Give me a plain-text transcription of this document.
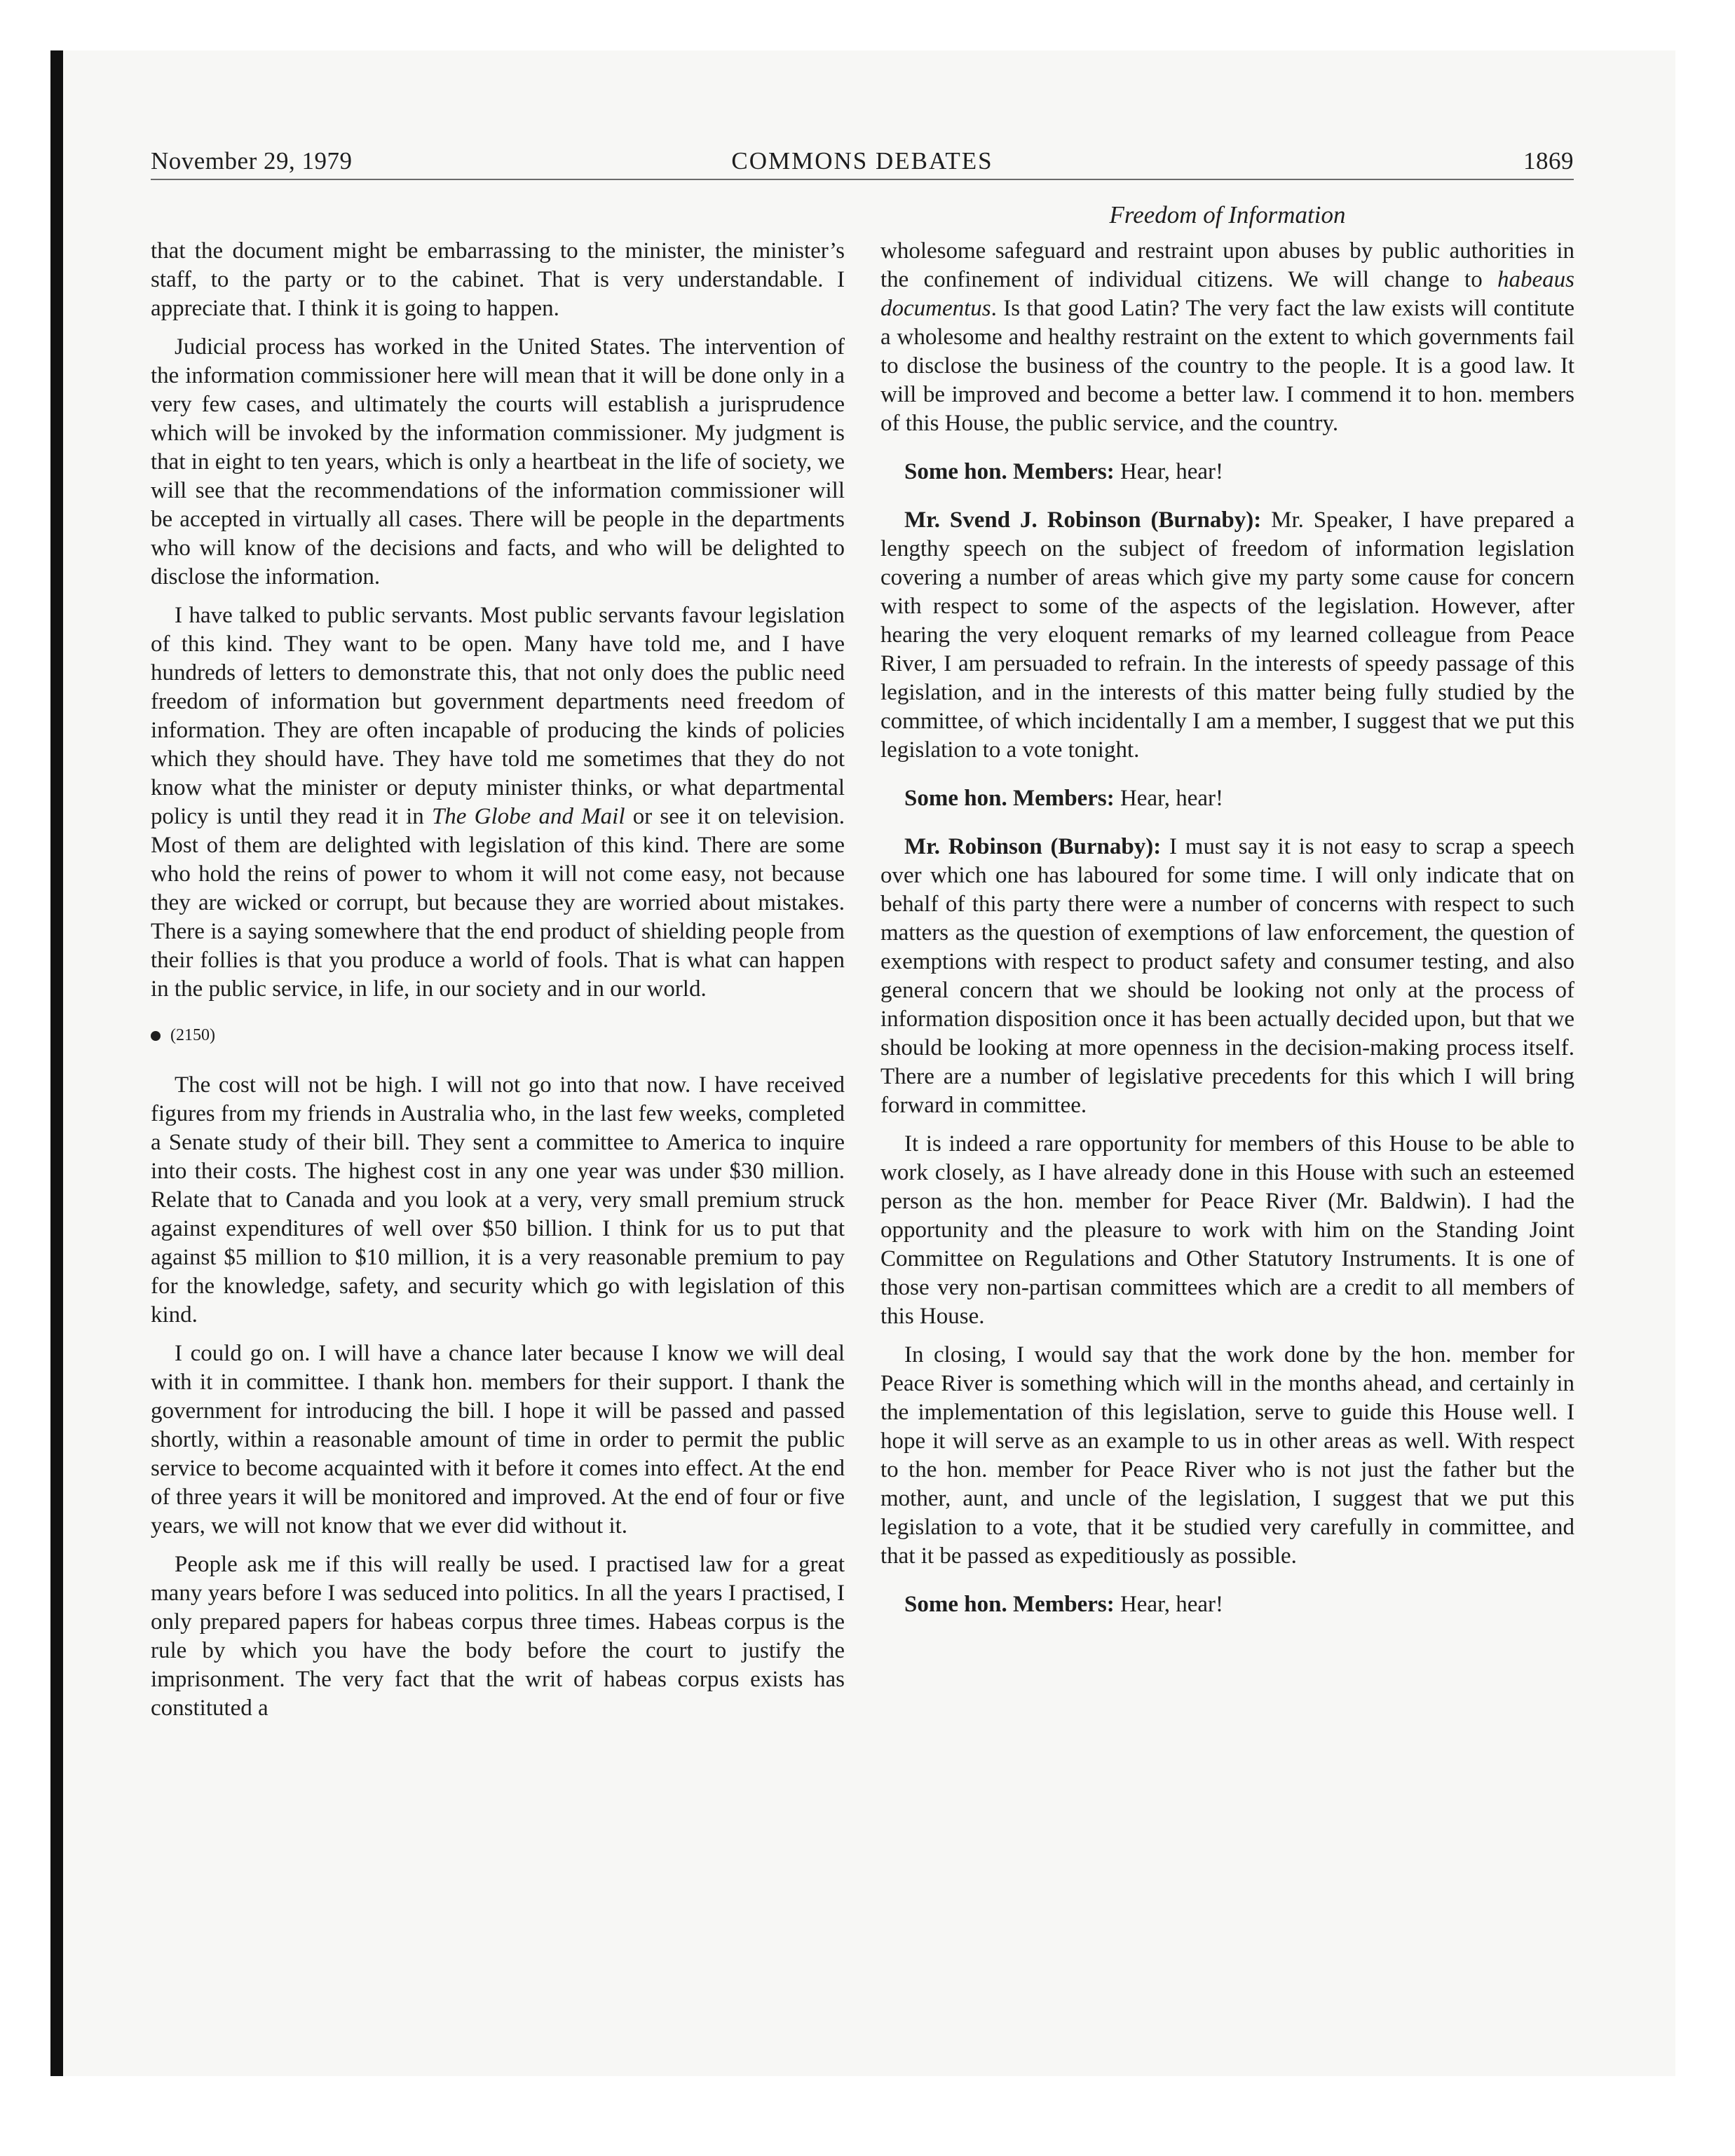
November 29, 1979	COMMONS DEBATES	1869
Freedom of Information

that the document might be embarrassing to the minister, the minister’s staff, to the party or to the cabinet. That is very understandable. I appreciate that. I think it is going to happen.

Judicial process has worked in the United States. The intervention of the information commissioner here will mean that it will be done only in a very few cases, and ultimately the courts will establish a jurisprudence which will be invoked by the information commissioner. My judgment is that in eight to ten years, which is only a heartbeat in the life of society, we will see that the recommendations of the information commissioner will be accepted in virtually all cases. There will be people in the departments who will know of the decisions and facts, and who will be delighted to disclose the information.

I have talked to public servants. Most public servants favour legislation of this kind. They want to be open. Many have told me, and I have hundreds of letters to demonstrate this, that not only does the public need freedom of information but government departments need freedom of information. They are often incapable of producing the kinds of policies which they should have. They have told me sometimes that they do not know what the minister or deputy minister thinks, or what departmental policy is until they read it in The Globe and Mail or see it on television. Most of them are delighted with legislation of this kind. There are some who hold the reins of power to whom it will not come easy, not because they are wicked or corrupt, but because they are worried about mistakes. There is a saying somewhere that the end product of shielding people from their follies is that you produce a world of fools. That is what can happen in the public service, in life, in our society and in our world.

(2150)

The cost will not be high. I will not go into that now. I have received figures from my friends in Australia who, in the last few weeks, completed a Senate study of their bill. They sent a committee to America to inquire into their costs. The highest cost in any one year was under $30 million. Relate that to Canada and you look at a very, very small premium struck against expenditures of well over $50 billion. I think for us to put that against $5 million to $10 million, it is a very reasonable premium to pay for the knowledge, safety, and security which go with legislation of this kind.

I could go on. I will have a chance later because I know we will deal with it in committee. I thank hon. members for their support. I thank the government for introducing the bill. I hope it will be passed and passed shortly, within a reasonable amount of time in order to permit the public service to become acquainted with it before it comes into effect. At the end of three years it will be monitored and improved. At the end of four or five years, we will not know that we ever did without it.

People ask me if this will really be used. I practised law for a great many years before I was seduced into politics. In all the years I practised, I only prepared papers for habeas corpus three times. Habeas corpus is the rule by which you have the body before the court to justify the imprisonment. The very fact that the writ of habeas corpus exists has constituted a

wholesome safeguard and restraint upon abuses by public authorities in the confinement of individual citizens. We will change to habeaus documentus. Is that good Latin? The very fact the law exists will contitute a wholesome and healthy restraint on the extent to which governments fail to disclose the business of the country to the people. It is a good law. It will be improved and become a better law. I commend it to hon. members of this House, the public service, and the country.

Some hon. Members: Hear, hear!

Mr. Svend J. Robinson (Burnaby): Mr. Speaker, I have prepared a lengthy speech on the subject of freedom of information legislation covering a number of areas which give my party some cause for concern with respect to some of the aspects of the legislation. However, after hearing the very eloquent remarks of my learned colleague from Peace River, I am persuaded to refrain. In the interests of speedy passage of this legislation, and in the interests of this matter being fully studied by the committee, of which incidentally I am a member, I suggest that we put this legislation to a vote tonight.

Some hon. Members: Hear, hear!

Mr. Robinson (Burnaby): I must say it is not easy to scrap a speech over which one has laboured for some time. I will only indicate that on behalf of this party there were a number of concerns with respect to such matters as the question of exemptions of law enforcement, the question of exemptions with respect to product safety and consumer testing, and also general concern that we should be looking not only at the process of information disposition once it has been actually decided upon, but that we should be looking at more openness in the decision-making process itself. There are a number of legislative precedents for this which I will bring forward in committee.

It is indeed a rare opportunity for members of this House to be able to work closely, as I have already done in this House with such an esteemed person as the hon. member for Peace River (Mr. Baldwin). I had the opportunity and the pleasure to work with him on the Standing Joint Committee on Regulations and Other Statutory Instruments. It is one of those very non-partisan committees which are a credit to all members of this House.

In closing, I would say that the work done by the hon. member for Peace River is something which will in the months ahead, and certainly in the implementation of this legislation, serve to guide this House well. I hope it will serve as an example to us in other areas as well. With respect to the hon. member for Peace River who is not just the father but the mother, aunt, and uncle of the legislation, I suggest that we put this legislation to a vote, that it be studied very carefully in committee, and that it be passed as expeditiously as possible.

Some hon. Members: Hear, hear!
